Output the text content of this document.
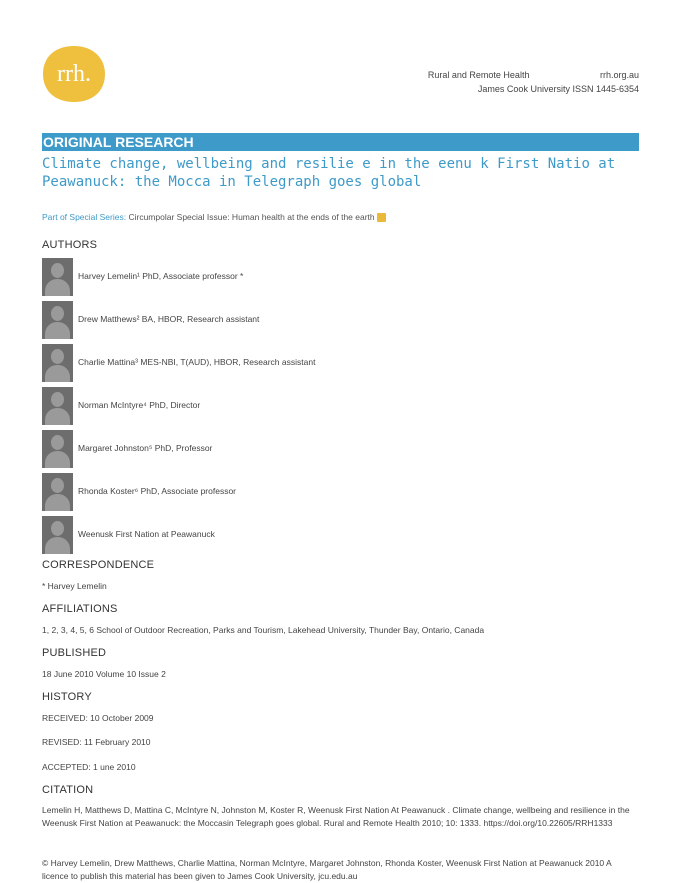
rrh.	Rural and Remote Health	rrh.org.au
James Cook University ISSN 1445-6354
ORIGINAL RESEARCH
Climate change, wellbeing and resilie e in the eenu k First Natio at
Peawanuck: the Mocca in Telegraph goes global
Part of Special Series: Circumpolar Special Issue: Human health at the ends of the earth
AUTHORS
Harvey Lemelin¹ PhD, Associate professor *
Drew Matthews² BA, HBOR, Research assistant
Charlie Mattina³ MES-NBI, T(AUD), HBOR, Research assistant
Norman McIntyre⁴ PhD, Director
Margaret Johnston⁵ PhD, Professor
Rhonda Koster⁶ PhD, Associate professor
Weenusk First Nation at Peawanuck
CORRESPONDENCE
* Harvey Lemelin
AFFILIATIONS
1, 2, 3, 4, 5, 6 School of Outdoor Recreation, Parks and Tourism, Lakehead University, Thunder Bay, Ontario, Canada
PUBLISHED
18 June 2010 Volume 10 Issue 2
HISTORY
RECEIVED: 10 October 2009
REVISED: 11 February 2010
ACCEPTED: 1 une 2010
CITATION
Lemelin H, Matthews D, Mattina C, McIntyre N, Johnston M, Koster R, Weenusk First Nation At Peawanuck . Climate change, wellbeing and resilience in the Weenusk First Nation at Peawanuck: the Moccasin Telegraph goes global. Rural and Remote Health 2010; 10: 1333. https://doi.org/10.22605/RRH1333
© Harvey Lemelin, Drew Matthews, Charlie Mattina, Norman McIntyre, Margaret Johnston, Rhonda Koster, Weenusk First Nation at Peawanuck 2010 A licence to publish this material has been given to James Cook University, jcu.edu.au
